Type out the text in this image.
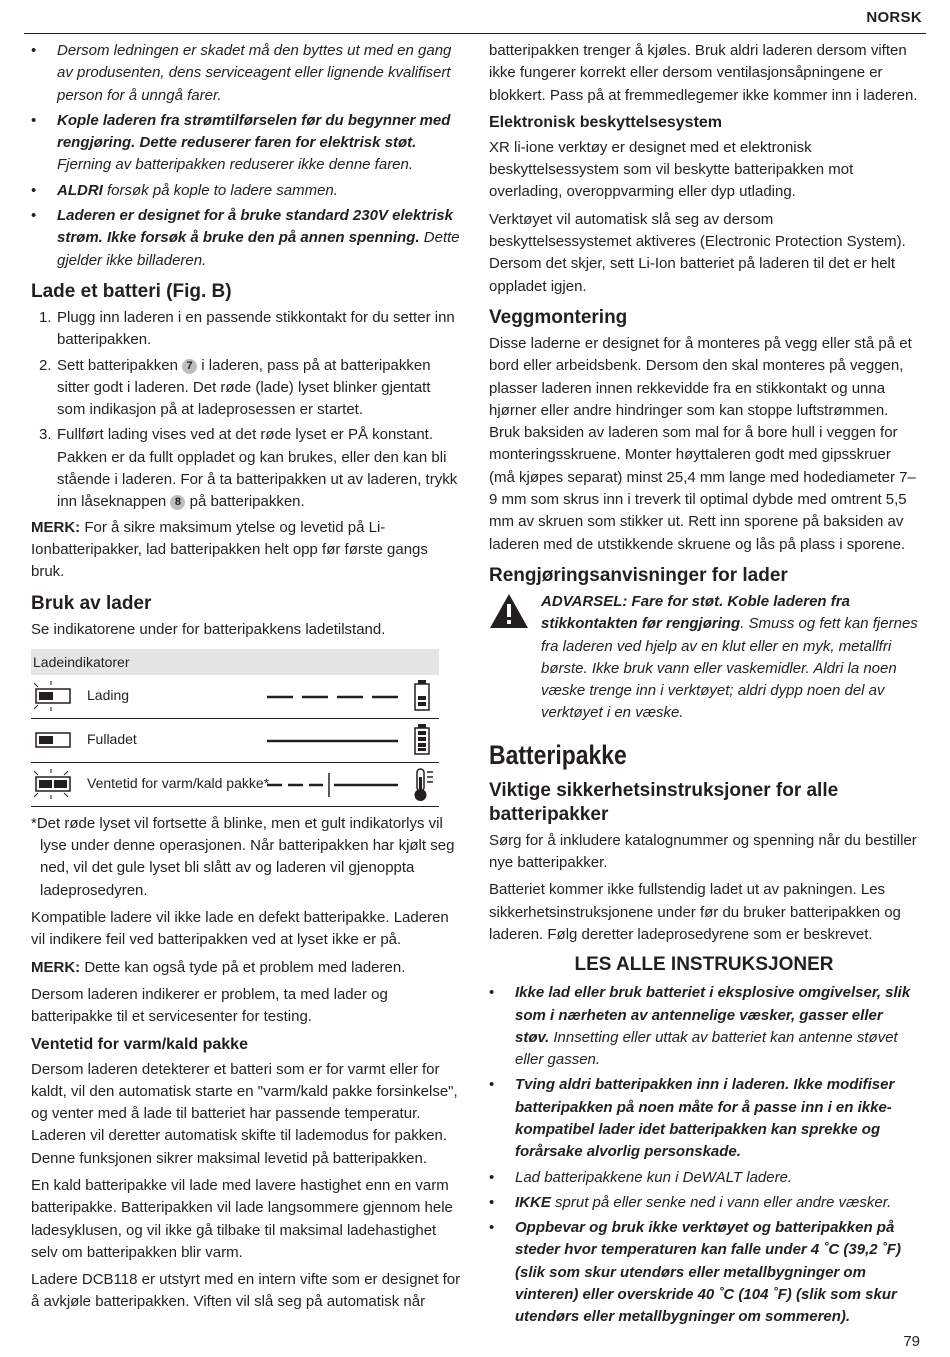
NORSK
• Dersom ledningen er skadet må den byttes ut med en gang av produsenten, dens serviceagent eller lignende kvalifisert person for å unngå farer.
• Kople laderen fra strømtilførselen før du begynner med rengjøring. Dette reduserer faren for elektrisk støt. Fjerning av batteripakken reduserer ikke denne faren.
• ALDRI forsøk på kople to ladere sammen.
• Laderen er designet for å bruke standard 230V elektrisk strøm. Ikke forsøk å bruke den på annen spenning. Dette gjelder ikke billaderen.
Lade et batteri (Fig. B)
1. Plugg inn laderen i en passende stikkontakt for du setter inn batteripakken.
2. Sett batteripakken 7 i laderen, pass på at batteripakken sitter godt i laderen. Det røde (lade) lyset blinker gjentatt som indikasjon på at ladeprosessen er startet.
3. Fullført lading vises ved at det røde lyset er PÅ konstant. Pakken er da fullt oppladet og kan brukes, eller den kan bli stående i laderen. For å ta batteripakken ut av laderen, trykk inn låseknappen 8 på batteripakken.

MERK: For å sikre maksimum ytelse og levetid på Li-Ionbatteripakker, lad batteripakken helt opp før første gangs bruk.

Bruk av lader

Se indikatorene under for batteripakkens ladetilstand.

Ladeindikatorer
Lading
Fulladet
Ventetid for varm/kald pakke*

*Det røde lyset vil fortsette å blinke, men et gult indikatorlys vil lyse under denne operasjonen. Når batteripakken har kjølt seg ned, vil det gule lyset bli slått av og laderen vil gjenoppta ladeprosedyren.

Kompatible ladere vil ikke lade en defekt batteripakke. Laderen vil indikere feil ved batteripakken ved at lyset ikke er på.

MERK: Dette kan også tyde på et problem med laderen.

Dersom laderen indikerer er problem, ta med lader og batteripakke til et servicesenter for testing.

Ventetid for varm/kald pakke

Dersom laderen detekterer et batteri som er for varmt eller for kaldt, vil den automatisk starte en "varm/kald pakke forsinkelse", og venter med å lade til batteriet har passende temperatur. Laderen vil deretter automatisk skifte til lademodus for pakken. Denne funksjonen sikrer maksimal levetid på batteripakken.

En kald batteripakke vil lade med lavere hastighet enn en varm batteripakke. Batteripakken vil lade langsommere gjennom hele ladesyklusen, og vil ikke gå tilbake til maksimal ladehastighet selv om batteripakken blir varm.

Ladere DCB118 er utstyrt med en intern vifte som er designet for å avkjøle batteripakken. Viften vil slå seg på automatisk når

batteripakken trenger å kjøles. Bruk aldri laderen dersom viften ikke fungerer korrekt eller dersom ventilasjonsåpningene er blokkert. Pass på at fremmedlegemer ikke kommer inn i laderen.

Elektronisk beskyttelsesystem

XR li-ione verktøy er designet med et elektronisk beskyttelsessystem som vil beskytte batteripakken mot overlading, overoppvarming eller dyp utlading.

Verktøyet vil automatisk slå seg av dersom beskyttelsessystemet aktiveres (Electronic Protection System). Dersom det skjer, sett Li-Ion batteriet på laderen til det er helt oppladet igjen.

Veggmontering

Disse laderne er designet for å monteres på vegg eller stå på et bord eller arbeidsbenk. Dersom den skal monteres på veggen, plasser laderen innen rekkevidde fra en stikkontakt og unna hjørner eller andre hindringer som kan stoppe luftstrømmen. Bruk baksiden av laderen som mal for å bore hull i veggen for monteringsskruene. Monter høyttaleren godt med gipsskruer (må kjøpes separat) minst 25,4 mm lange med hodediameter 7–9 mm som skrus inn i treverk til optimal dybde med omtrent 5,5 mm av skruen som stikker ut. Rett inn sporene på baksiden av laderen med de utstikkende skruene og lås på plass i sporene.

Rengjøringsanvisninger for lader

ADVARSEL: Fare for støt. Koble laderen fra stikkontakten før rengjøring. Smuss og fett kan fjernes fra laderen ved hjelp av en klut eller en myk, metallfri børste. Ikke bruk vann eller vaskemidler. Aldri la noen væske trenge inn i verktøyet; aldri dypp noen del av verktøyet i en væske.

Batteripakke
Viktige sikkerhetsinstruksjoner for alle batteripakker

Sørg for å inkludere katalognummer og spenning når du bestiller nye batteripakker.

Batteriet kommer ikke fullstendig ladet ut av pakningen. Les sikkerhetsinstruksjonene under før du bruker batteripakken og laderen. Følg deretter ladeprosedyrene som er beskrevet.

LES ALLE INSTRUKSJONER
• Ikke lad eller bruk batteriet i eksplosive omgivelser, slik som i nærheten av antennelige væsker, gasser eller støv. Innsetting eller uttak av batteriet kan antenne støvet eller gassen.
• Tving aldri batteripakken inn i laderen. Ikke modifiser batteripakken på noen måte for å passe inn i en ikke-kompatibel lader idet batteripakken kan sprekke og forårsake alvorlig personskade.
• Lad batteripakkene kun i DeWALT ladere.
• IKKE sprut på eller senke ned i vann eller andre væsker.
• Oppbevar og bruk ikke verktøyet og batteripakken på steder hvor temperaturen kan falle under 4 ˚C (39,2 ˚F) (slik som skur utendørs eller metallbygninger om vinteren) eller overskride 40 ˚C (104 ˚F) (slik som skur utendørs eller metallbygninger om sommeren).
79
